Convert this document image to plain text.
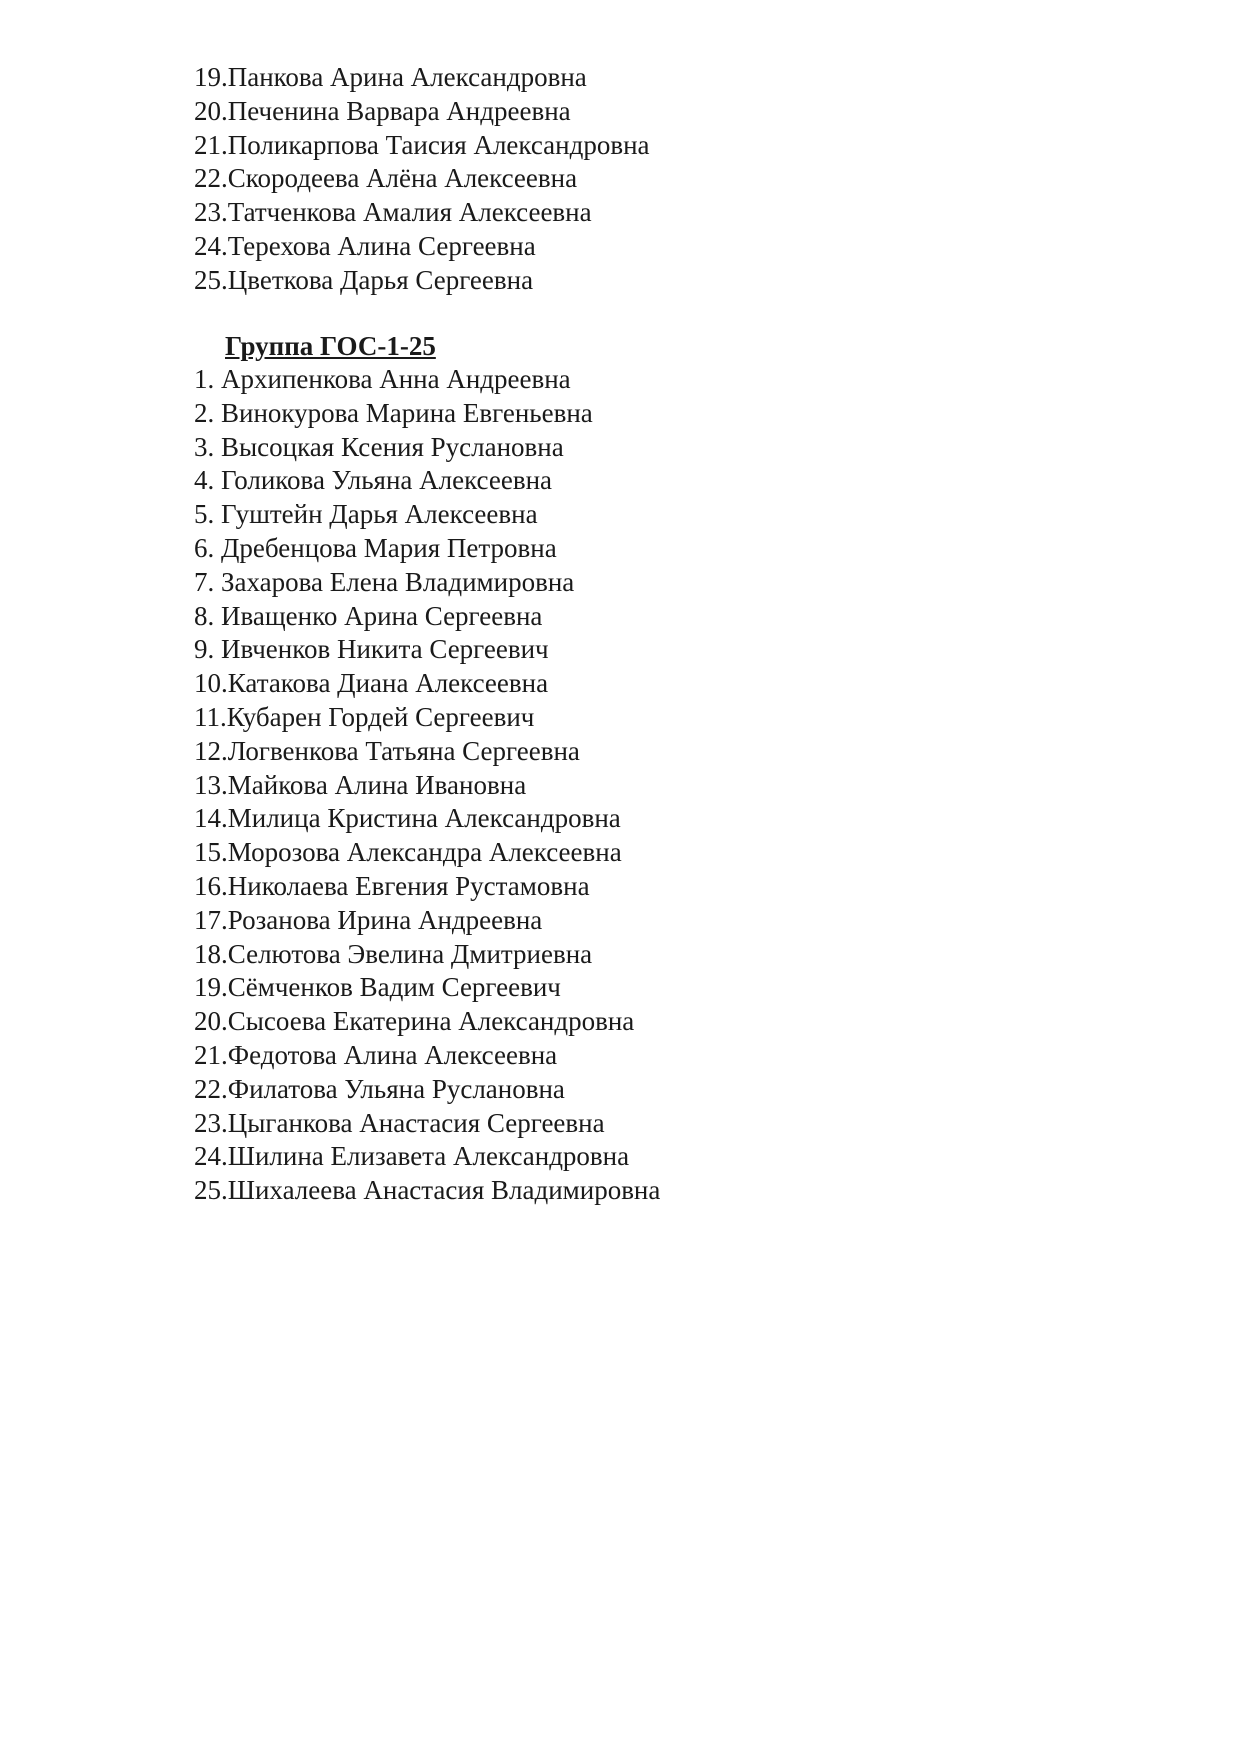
19.Панкова Арина Александровна
20.Печенина Варвара Андреевна
21.Поликарпова Таисия Александровна
22.Скородеева Алёна Алексеевна
23.Татченкова Амалия Алексеевна
24.Терехова Алина Сергеевна
25.Цветкова Дарья Сергеевна
Группа ГОС-1-25
1. Архипенкова Анна Андреевна
2. Винокурова Марина Евгеньевна
3. Высоцкая Ксения Руслановна
4. Голикова Ульяна Алексеевна
5. Гуштейн Дарья Алексеевна
6. Дребенцова Мария Петровна
7. Захарова Елена Владимировна
8. Иващенко Арина Сергеевна
9. Ивченков Никита Сергеевич
10.Катакова Диана Алексеевна
11.Кубарен Гордей Сергеевич
12.Логвенкова Татьяна Сергеевна
13.Майкова Алина Ивановна
14.Милица Кристина Александровна
15.Морозова Александра Алексеевна
16.Николаева Евгения Рустамовна
17.Розанова Ирина Андреевна
18.Селютова Эвелина Дмитриевна
19.Сёмченков Вадим Сергеевич
20.Сысоева Екатерина Александровна
21.Федотова Алина Алексеевна
22.Филатова Ульяна Руслановна
23.Цыганкова Анастасия Сергеевна
24.Шилина Елизавета Александровна
25.Шихалеева Анастасия Владимировна
